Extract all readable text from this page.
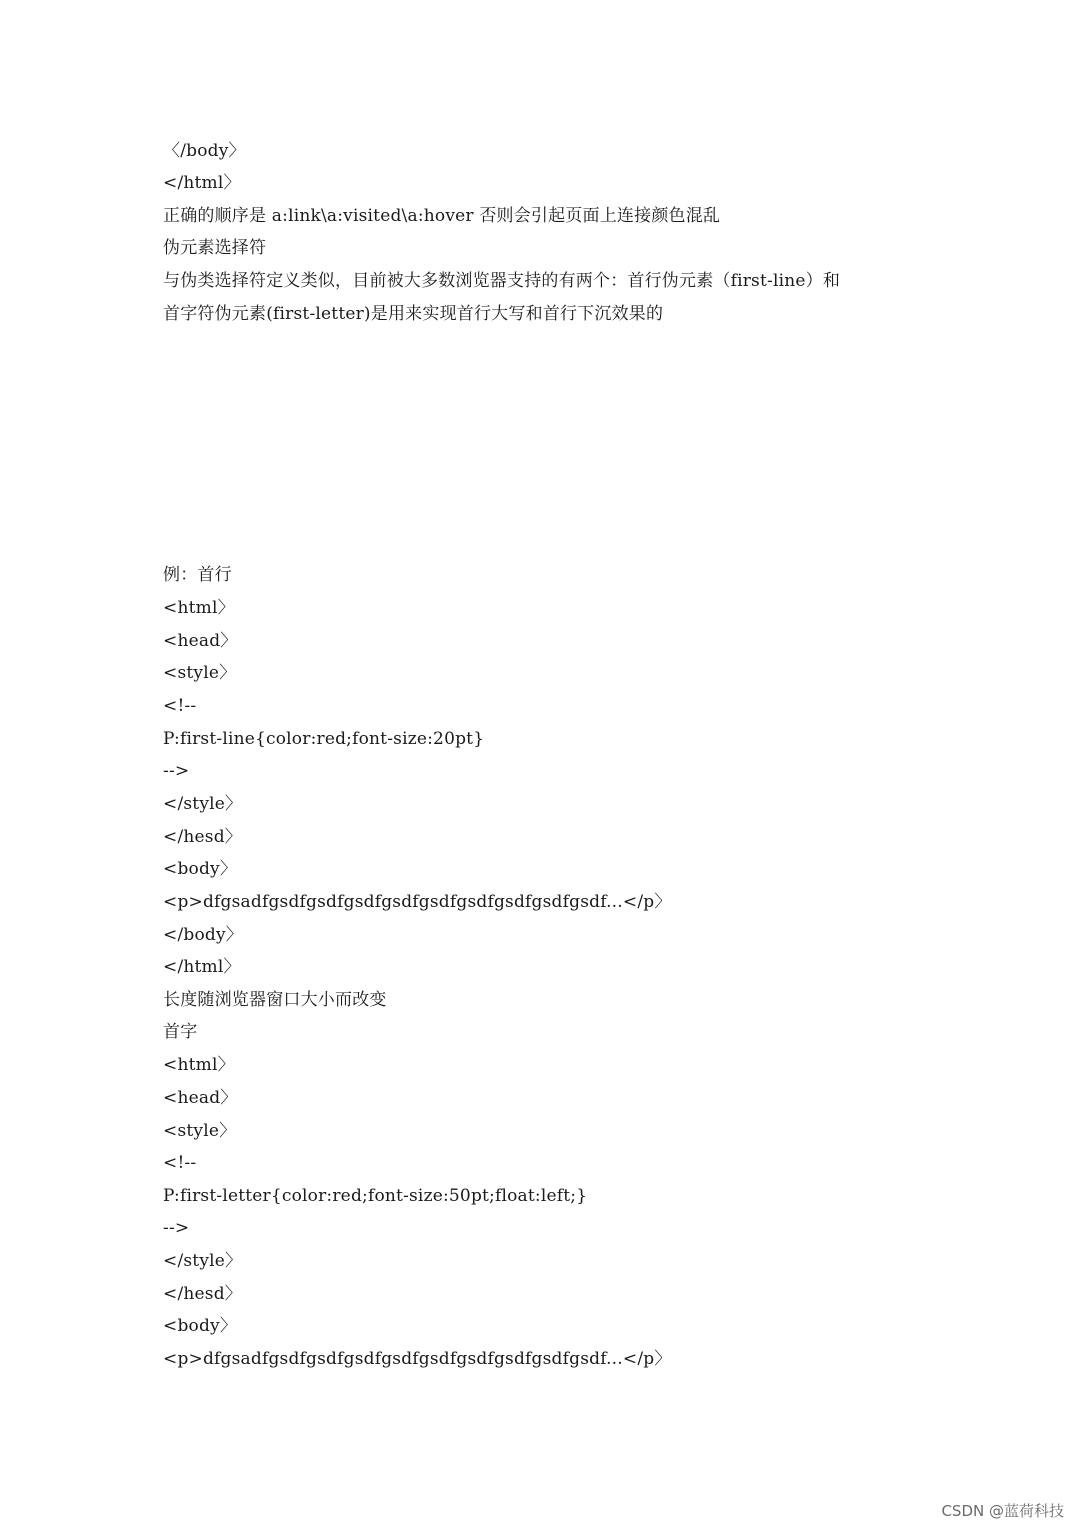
〈/body〉
</html〉
正确的顺序是 a:link\a:visited\a:hover 否则会引起页面上连接颜色混乱
伪元素选择符
与伪类选择符定义类似，目前被大多数浏览器支持的有两个：首行伪元素（first-line）和
首字符伪元素(first-letter)是用来实现首行大写和首行下沉效果的
例：首行
<html〉
<head〉
<style〉
<!--
P:first-line{color:red;font-size:20pt}
-->
</style〉
</hesd〉
<body〉
<p>dfgsadfgsdfgsdfgsdfgsdfgsdfgsdfgsdfgsdfgsdf...</p〉
</body〉
</html〉
长度随浏览器窗口大小而改变
首字
<html〉
<head〉
<style〉
<!--
P:first-letter{color:red;font-size:50pt;float:left;}
-->
</style〉
</hesd〉
<body〉
<p>dfgsadfgsdfgsdfgsdfgsdfgsdfgsdfgsdfgsdfgsdf...</p〉
CSDN @蓝荷科技
